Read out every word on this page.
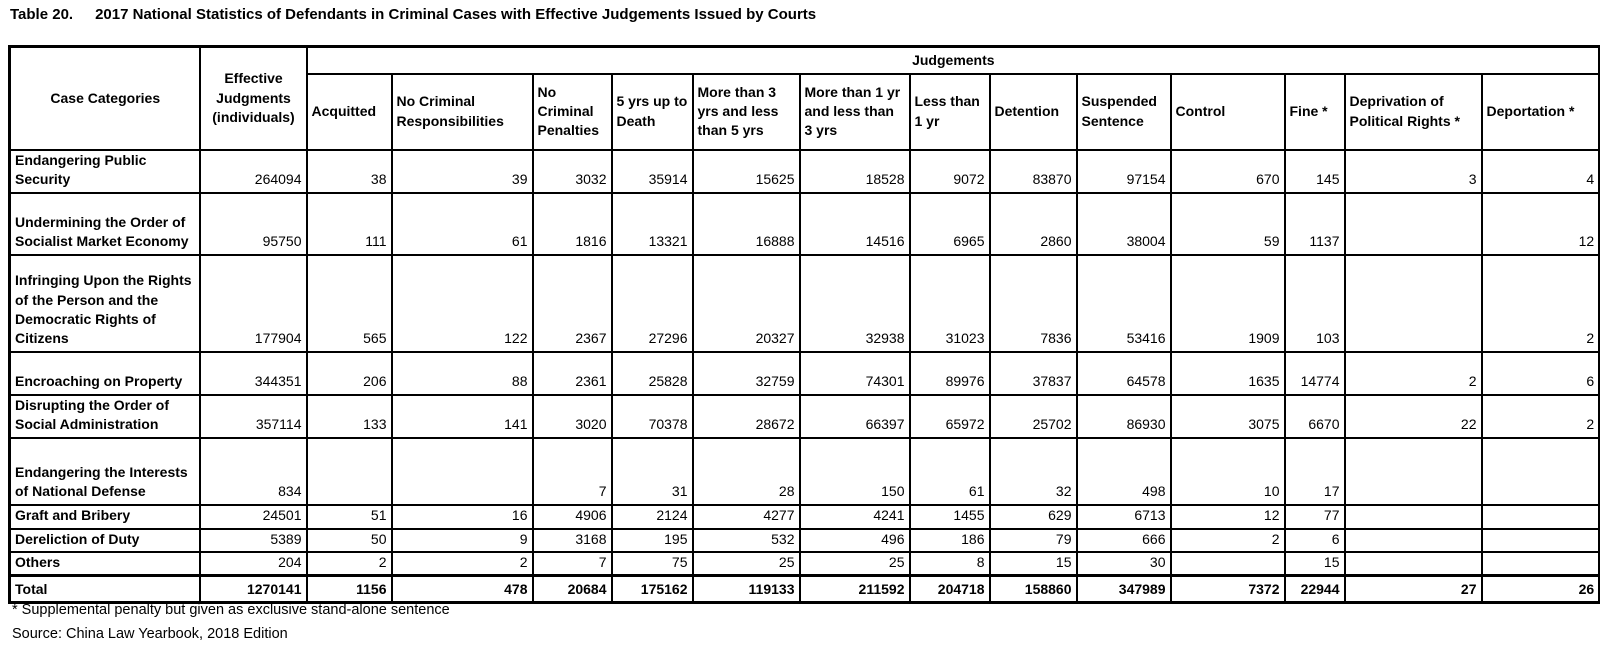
Table 20. 2017 National Statistics of Defendants in Criminal Cases with Effective Judgements Issued by Courts
Case Categories	Effective Judgments (individuals)	Judgements												
		Acquitted	No Criminal Responsibilities	No Criminal Penalties	5 yrs up to Death	More than 3 yrs and less than 5 yrs	More than 1 yr and less than 3 yrs	Less than 1 yr	Detention	Suspended Sentence	Control	Fine *	Deprivation of Political Rights *	Deportation *
Endangering Public Security	264094	38	39	3032	35914	15625	18528	9072	83870	97154	670	145	3	4
Undermining the Order of Socialist Market Economy	95750	111	61	1816	13321	16888	14516	6965	2860	38004	59	1137		12
Infringing Upon the Rights of the Person and the Democratic Rights of Citizens	177904	565	122	2367	27296	20327	32938	31023	7836	53416	1909	103		2
Encroaching on Property	344351	206	88	2361	25828	32759	74301	89976	37837	64578	1635	14774	2	6
Disrupting the Order of Social Administration	357114	133	141	3020	70378	28672	66397	65972	25702	86930	3075	6670	22	2
Endangering the Interests of National Defense	834			7	31	28	150	61	32	498	10	17		
Graft and Bribery	24501	51	16	4906	2124	4277	4241	1455	629	6713	12	77		
Dereliction of Duty	5389	50	9	3168	195	532	496	186	79	666	2	6		
Others	204	2	2	7	75	25	25	8	15	30		15		
Total	1270141	1156	478	20684	175162	119133	211592	204718	158860	347989	7372	22944	27	26
* Supplemental penalty but given as exclusive stand-alone sentence
Source: China Law Yearbook, 2018 Edition
